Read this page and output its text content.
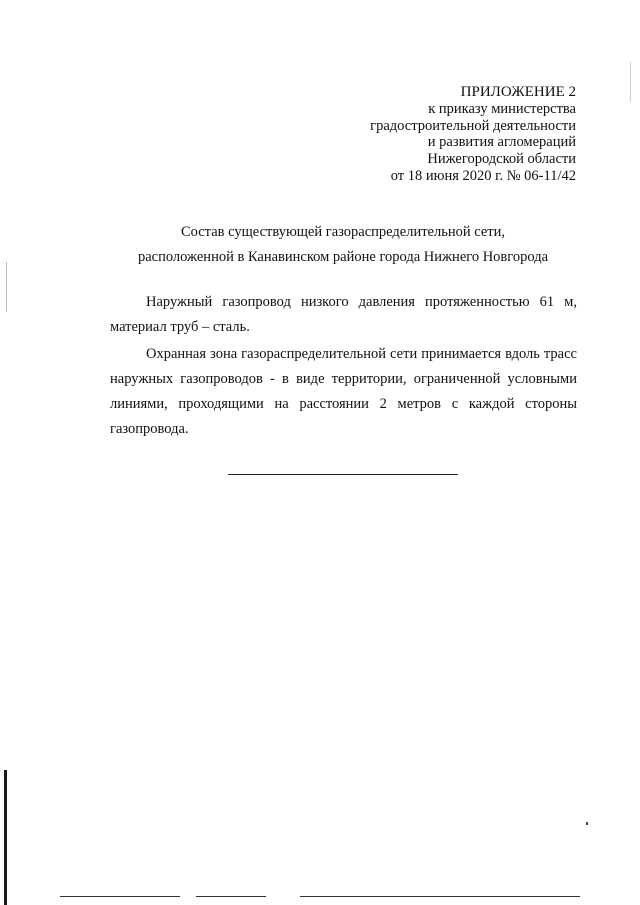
ПРИЛОЖЕНИЕ 2
к приказу министерства
градостроительной деятельности
и развития агломераций
Нижегородской области
от 18 июня 2020 г. № 06-11/42
Состав существующей газораспределительной сети,
расположенной в Канавинском районе города Нижнего Новгорода
Наружный газопровод низкого давления протяженностью 61 м,
материал труб – сталь.
Охранная зона газораспределительной сети принимается вдоль трасс
наружных газопроводов - в виде территории, ограниченной условными
линиями, проходящими на расстоянии 2 метров с каждой стороны
газопровода.
